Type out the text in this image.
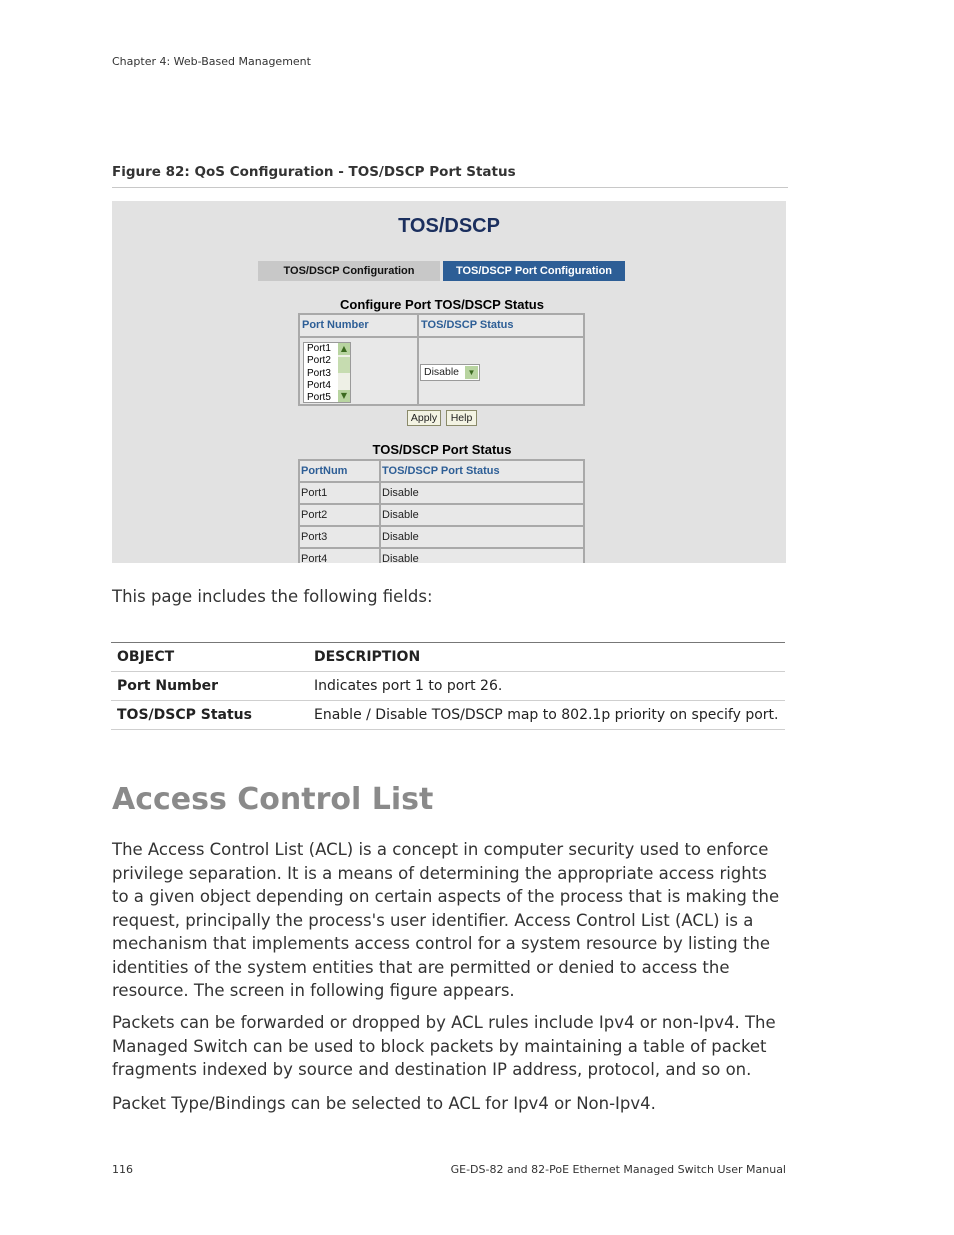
Chapter 4: Web-Based Management
Figure 82: QoS Configuration - TOS/DSCP Port Status
TOS/DSCP
TOS/DSCP Configuration	TOS/DSCP Port Configuration
Configure Port TOS/DSCP Status
Port Number	TOS/DSCP Status
Port1
Port2
Port3
Port4
Port5
▲
▼
Disable	▼
Apply	Help
TOS/DSCP Port Status
PortNum	TOS/DSCP Port Status
Port1	Disable
Port2	Disable
Port3	Disable
Port4	Disable
This page includes the following fields:
OBJECT	DESCRIPTION
Port Number	Indicates port 1 to port 26.
TOS/DSCP Status	Enable / Disable TOS/DSCP map to 802.1p priority on specify port.
Access Control List

The Access Control List (ACL) is a concept in computer security used to enforce privilege separation. It is a means of determining the appropriate access rights to a given object depending on certain aspects of the process that is making the request, principally the process's user identifier. Access Control List (ACL) is a mechanism that implements access control for a system resource by listing the identities of the system entities that are permitted or denied to access the resource. The screen in following figure appears.

Packets can be forwarded or dropped by ACL rules include Ipv4 or non-Ipv4. The Managed Switch can be used to block packets by maintaining a table of packet fragments indexed by source and destination IP address, protocol, and so on.

Packet Type/Bindings can be selected to ACL for Ipv4 or Non-Ipv4.

116	GE-DS-82 and 82-PoE Ethernet Managed Switch User Manual
